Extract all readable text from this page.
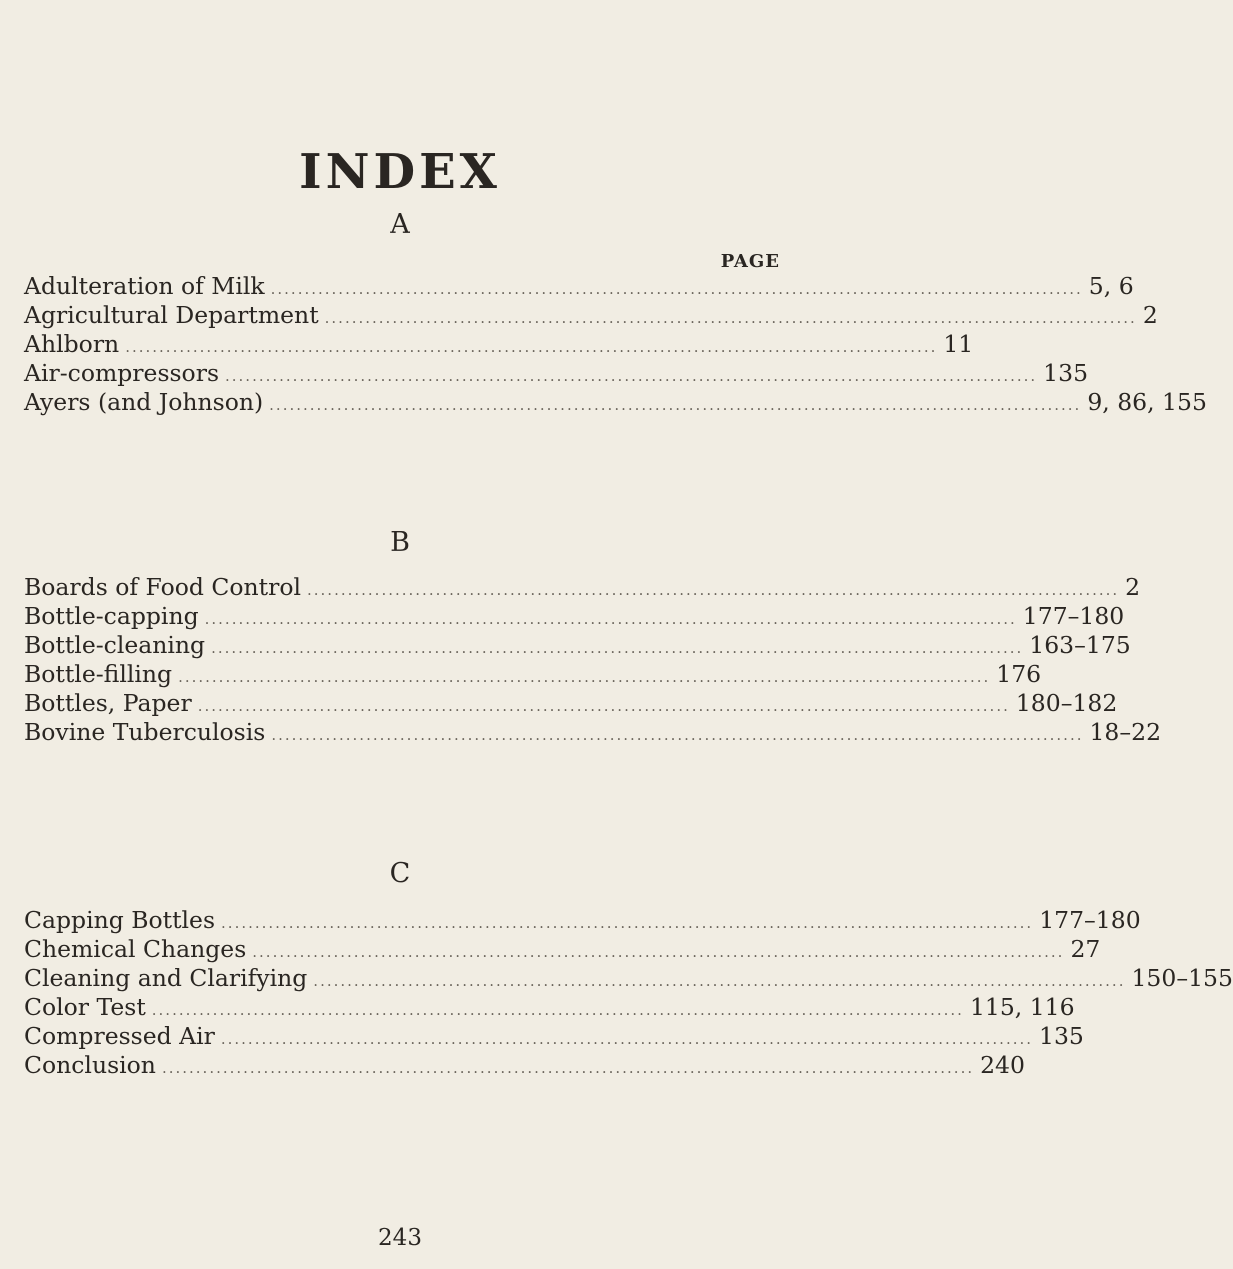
INDEX
A
PAGE
Adulteration of Milk ........................................................................................................................ 5, 6
Agricultural Department ........................................................................................................................ 2
Ahlborn ........................................................................................................................ 11
Air-compressors ........................................................................................................................ 135
Ayers (and Johnson) ........................................................................................................................ 9, 86, 155
B
Boards of Food Control ........................................................................................................................ 2
Bottle-capping ........................................................................................................................ 177–180
Bottle-cleaning ........................................................................................................................ 163–175
Bottle-filling ........................................................................................................................ 176
Bottles, Paper ........................................................................................................................ 180–182
Bovine Tuberculosis ........................................................................................................................ 18–22
C
Capping Bottles ........................................................................................................................ 177–180
Chemical Changes ........................................................................................................................ 27
Cleaning and Clarifying ........................................................................................................................ 150–155
Color Test ........................................................................................................................ 115, 116
Compressed Air ........................................................................................................................ 135
Conclusion ........................................................................................................................ 240
243
